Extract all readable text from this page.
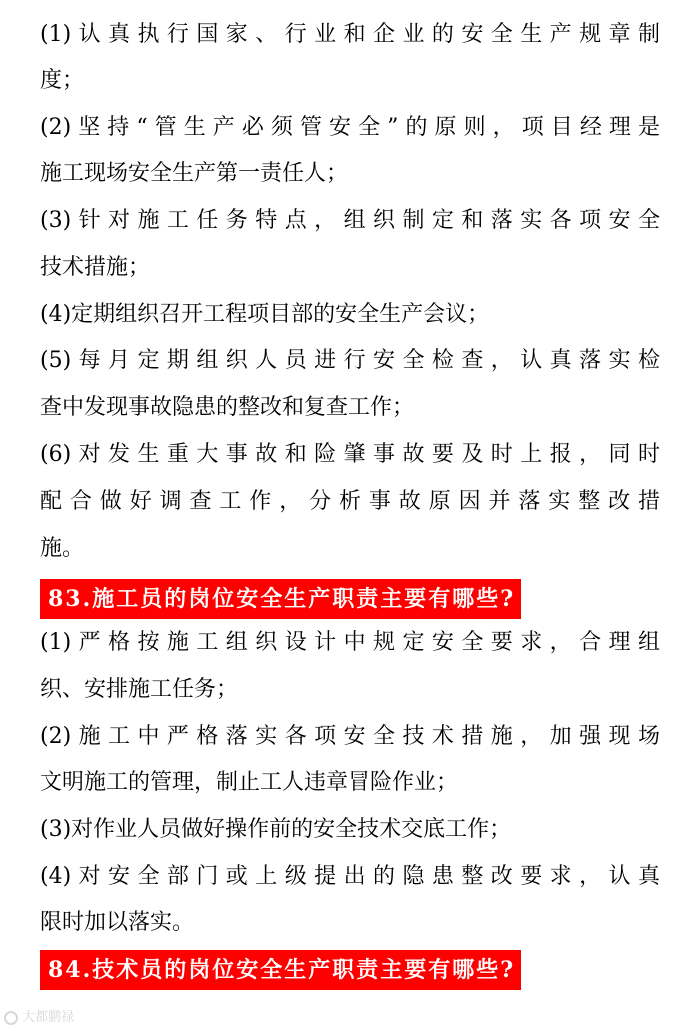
(1)认真执行国家、行业和企业的安全生产规章制
度；
(2)坚持“管生产必须管安全”的原则，项目经理是
施工现场安全生产第一责任人；
(3)针对施工任务特点，组织制定和落实各项安全
技术措施；
(4)定期组织召开工程项目部的安全生产会议；
(5)每月定期组织人员进行安全检查，认真落实检
查中发现事故隐患的整改和复查工作；
(6)对发生重大事故和险肇事故要及时上报，同时
配合做好调查工作，分析事故原因并落实整改措
施。
83.施工员的岗位安全生产职责主要有哪些?
(1)严格按施工组织设计中规定安全要求，合理组
织、安排施工任务；
(2)施工中严格落实各项安全技术措施，加强现场
文明施工的管理，制止工人违章冒险作业；
(3)对作业人员做好操作前的安全技术交底工作；
(4)对安全部门或上级提出的隐患整改要求，认真
限时加以落实。
84.技术员的岗位安全生产职责主要有哪些?
大都鹏禄
